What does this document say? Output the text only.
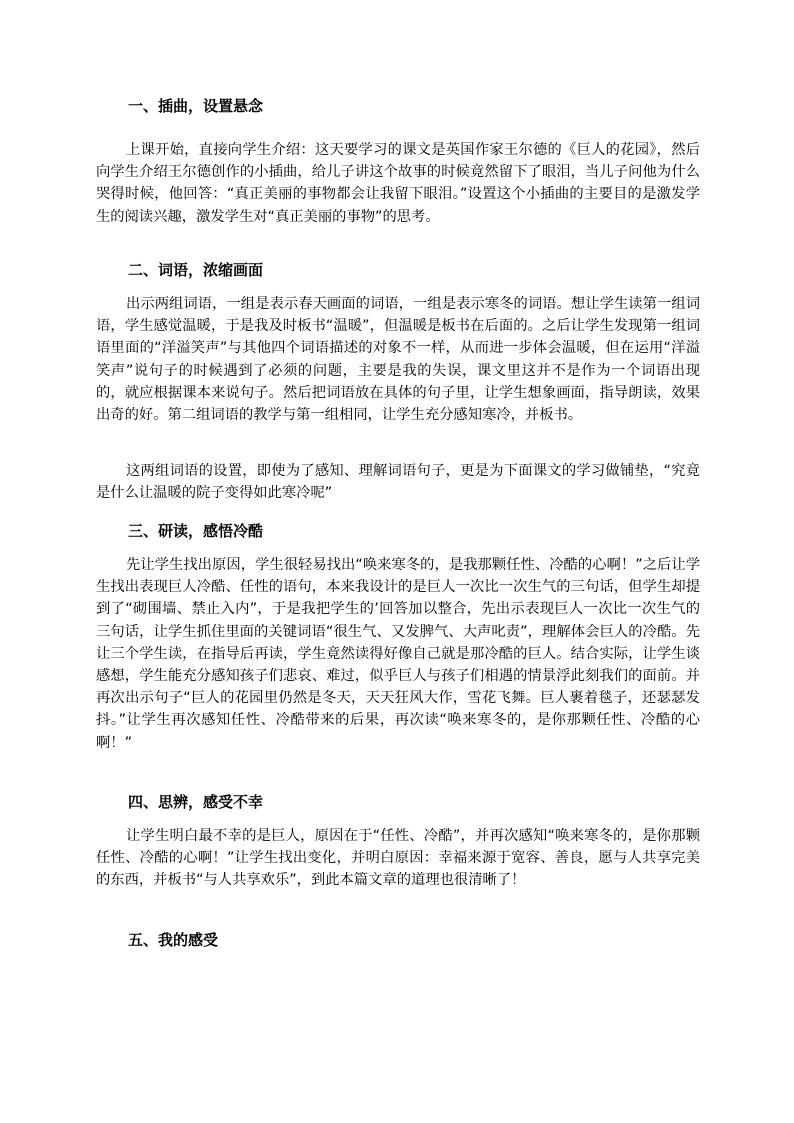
一、插曲，设置悬念

上课开始，直接向学生介绍：这天要学习的课文是英国作家王尔德的《巨人的花园》，然后向学生介绍王尔德创作的小插曲，给儿子讲这个故事的时候竟然留下了眼泪，当儿子问他为什么哭得时候，他回答：“真正美丽的事物都会让我留下眼泪。”设置这个小插曲的主要目的是激发学生的阅读兴趣，激发学生对“真正美丽的事物”的思考。

二、词语，浓缩画面

出示两组词语，一组是表示春天画面的词语，一组是表示寒冬的词语。想让学生读第一组词语，学生感觉温暖，于是我及时板书“温暖”，但温暖是板书在后面的。之后让学生发现第一组词语里面的“洋溢笑声”与其他四个词语描述的对象不一样，从而进一步体会温暖，但在运用“洋溢笑声”说句子的时候遇到了必须的问题，主要是我的失误，课文里这并不是作为一个词语出现的，就应根据课本来说句子。然后把词语放在具体的句子里，让学生想象画面，指导朗读，效果出奇的好。第二组词语的教学与第一组相同，让学生充分感知寒冷，并板书。

这两组词语的设置，即使为了感知、理解词语句子，更是为下面课文的学习做铺垫，“究竟是什么让温暖的院子变得如此寒冷呢”

三、研读，感悟冷酷

先让学生找出原因，学生很轻易找出“唤来寒冬的，是我那颗任性、冷酷的心啊！”之后让学生找出表现巨人冷酷、任性的语句，本来我设计的是巨人一次比一次生气的三句话，但学生却提到了“砌围墙、禁止入内”，于是我把学生的’回答加以整合，先出示表现巨人一次比一次生气的三句话，让学生抓住里面的关键词语“很生气、又发脾气、大声叱责”，理解体会巨人的冷酷。先让三个学生读，在指导后再读，学生竟然读得好像自己就是那冷酷的巨人。结合实际，让学生谈感想，学生能充分感知孩子们悲哀、难过，似乎巨人与孩子们相遇的情景浮此刻我们的面前。并再次出示句子“巨人的花园里仍然是冬天，天天狂风大作，雪花飞舞。巨人裹着毯子，还瑟瑟发抖。”让学生再次感知任性、冷酷带来的后果，再次读“唤来寒冬的，是你那颗任性、冷酷的心啊！”

四、思辨，感受不幸

让学生明白最不幸的是巨人，原因在于“任性、冷酷”，并再次感知“唤来寒冬的，是你那颗任性、冷酷的心啊！”让学生找出变化，并明白原因：幸福来源于宽容、善良，愿与人共享完美的东西，并板书“与人共享欢乐”，到此本篇文章的道理也很清晰了！

五、我的感受
